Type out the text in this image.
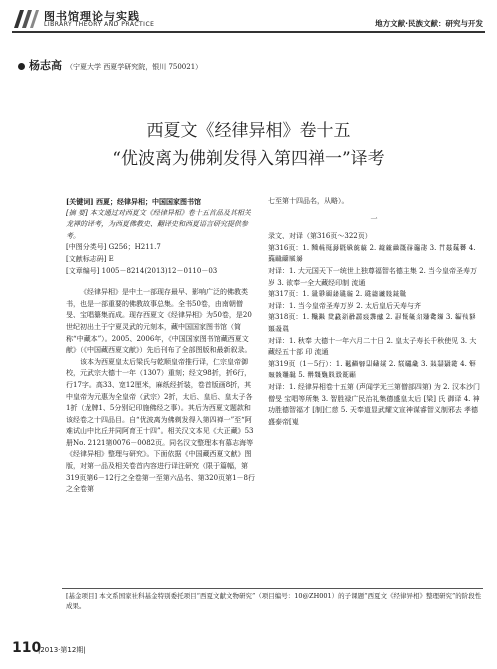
图书馆理论与实践
LIBRARY THEORY AND PRACTICE	地方文献·民族文献：研究与开发
杨志高 （宁夏大学 西夏学研究院，银川 750021）
西夏文《经律异相》卷十五
“优波离为佛剃发得入第四禅一”译考

[关键词] 西夏；经律异相；中国国家图书馆

[摘 要] 本文通过对西夏文《经律异相》卷十五首品及其相关龙禅的译考，为西夏佛教史、翻译史和西夏语言研究提供参考。

[中图分类号] G256；H211.7

[文献标志码] E

[文章编号] 1005－8214(2013)12－0110－03

《经律异相》是中土一部现存最早、影响广泛的佛教类书，也是一部重要的佛教故事总集。全书50卷，由南朝僧旻、宝唱纂集而成。现存西夏文《经律异相》为50卷，是20世纪初出土于宁夏灵武的元刻本，藏中国国家图书馆（简称“中藏本”）。2005、2006年，《中国国家图书馆藏西夏文献》（《中国藏西夏文献》）先后刊布了全部图版和最新叙录。

该本为西夏皇太后梁氏与乾顺皇帝推行译，仁宗皇帝御校，元武宗大德十一年（1307）重刻；经文98折，折6行，行17字。高33、宽12厘米，麻纸经折装，卷首版画8折，其中皇帝为元惠为全皇帝（武宗）2折，太后、皇后、皇太子各1折（龙牌1、5分别记印施佛经之事）。其后为西夏文题款和该经卷之十四品目。自“优波离为佛剃发得入第四禅一”至“阿难试山中比丘并同阿育王十四”。相关汉文本见《大正藏》53册No. 2121第0076－0082页。同名汉文整理本有慕志海等《经律异相》整理与研究》。下面依据《中国藏西夏文献》图版，对第一品及相关卷首内容进行译注研究（限于篇幅，第319页第6－12行之全卷第一至第六品名、第320页第1－8行之全卷第

七至第十四品名，从略）。

一

录文、对译（第316页～322页）

第316页：1. 𗂧𗍫𗀔𗉋𗎭𗏣𗐯𗑉 2. 𗓃𗔀𗕜𗖰𗗚𗘃𗙯 3. 𗚃𗛋𗜍𗝃 4. 𗞚𗟻𗠂𗡻𗢲

对译：1. 大元国天下一统世上独尊福智名德主集 2. 当今皇帝圣寿万岁 3. 欲奉一全大藏经印制 流通

第317页：1. 𗣼𗤁𗥃𗦳𗧓𗨁 2. 𗩱𗪛𗫂𗬐𗭪𗮅

对译：1. 当今皇帝圣寿万岁 2. 太后皇后天寿与齐

第318页：1. 𗯜𗰀 𗱏𗲌𗳞𗴂𗵆𗶃𗷔𗸚 2. 𗹍𗺉𗻌𗼃𗽀𗾀𗿃 3. 𘀁𘁂𘂄𘃃𘄅𘅄

对译：1. 秋奉 大德十一年六月二十日 2. 皇太子寿长千秋使见 3. 大藏经五十部 印 流通

第319页（1－5行）：1. 𘆆𘇇𘈈𘉉𘊊𘋋 2. 𘌌𘍍𘎎 3. 𘏏𘐐𘑑𘒒 4. 𘓓𘔔𘕕𘖖𘗗 5. 𘘘𘙙𘚚𘛛𘜜𘝝𘞞

对译：1. 经律异相卷十五第 (声闻学无三第僧部四第) 为 2. 汉本沙门僧旻 宝唱等所集 3. 智胜禄广民治礼集德盛皇太后 [梁] 氏 御译 4. 神功胜德智福才 [制]仁慈 5. 天奉道显武耀文宣神谋睿智义制邪去 孝德盛泰帝[嵬

[基金项目] 本文系国家社科基金特别委托项目“西夏文献文物研究”（项目编号：10@ZH001）的子课题“西夏文《经律异相》整理研究”的阶段性成果。
110
|2013·第12期|
